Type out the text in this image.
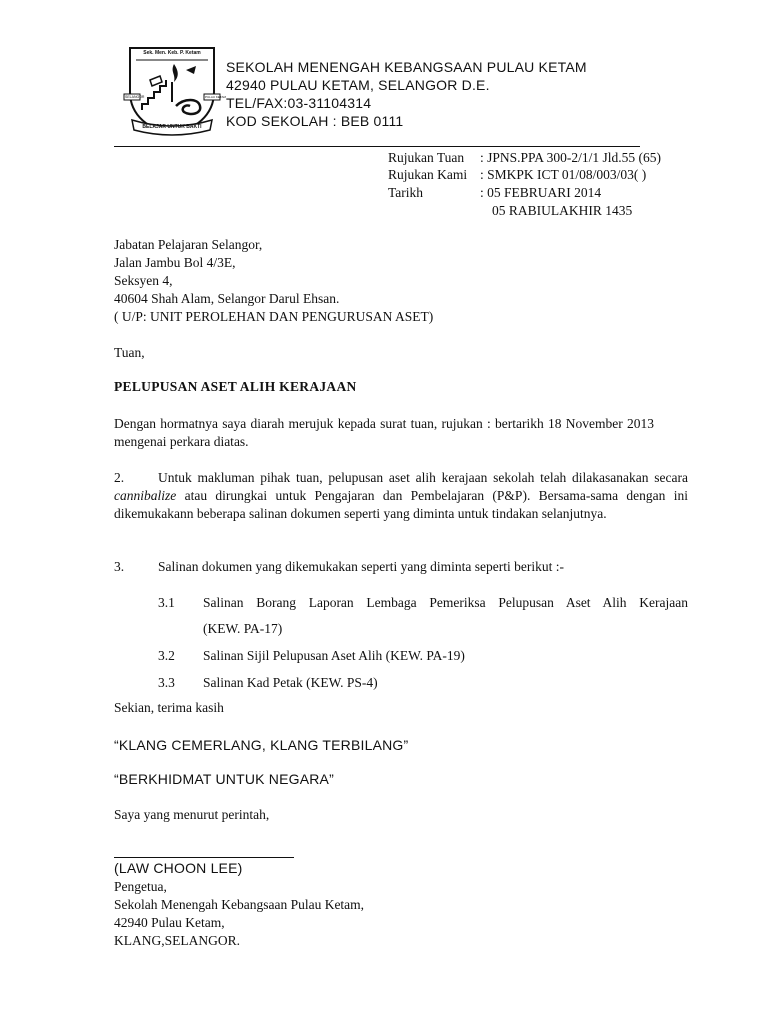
Sek. Men. Keb. P. Ketam
SELANGOR	PULAU KETAM
BELAJAR UNTUK BAKTI
SEKOLAH MENENGAH KEBANGSAAN PULAU KETAM
42940 PULAU KETAM, SELANGOR D.E.
TEL/FAX:03-31104314
KOD SEKOLAH : BEB 0111
Rujukan Tuan : JPNS.PPA 300-2/1/1 Jld.55 (65)
Rujukan Kami : SMKPK ICT 01/08/003/03( )
Tarikh	: 05 FEBRUARI 2014
05 RABIULAKHIR 1435
Jabatan Pelajaran Selangor,
Jalan Jambu Bol 4/3E,
Seksyen 4,
40604 Shah Alam, Selangor Darul Ehsan.
( U/P: UNIT PEROLEHAN DAN PENGURUSAN ASET)
Tuan,
PELUPUSAN ASET ALIH KERAJAAN
Dengan hormatnya saya diarah merujuk kepada surat tuan, rujukan : bertarikh 18 November 2013 mengenai perkara diatas.
2.	Untuk makluman pihak tuan, pelupusan aset alih kerajaan sekolah telah dilakasanakan secara cannibalize atau dirungkai untuk Pengajaran dan Pembelajaran (P&P). Bersama-sama dengan ini dikemukakann beberapa salinan dokumen seperti yang diminta untuk tindakan selanjutnya.
3.	Salinan dokumen yang dikemukakan seperti yang diminta seperti berikut :-
3.1 Salinan Borang Laporan Lembaga Pemeriksa Pelupusan Aset Alih Kerajaan
(KEW. PA-17)
3.2 Salinan Sijil Pelupusan Aset Alih (KEW. PA-19)
3.3 Salinan Kad Petak (KEW. PS-4)
Sekian, terima kasih
“KLANG CEMERLANG, KLANG TERBILANG”
“BERKHIDMAT UNTUK NEGARA”
Saya yang menurut perintah,
(LAW CHOON LEE)
Pengetua,
Sekolah Menengah Kebangsaan Pulau Ketam,
42940 Pulau Ketam,
KLANG,SELANGOR.
